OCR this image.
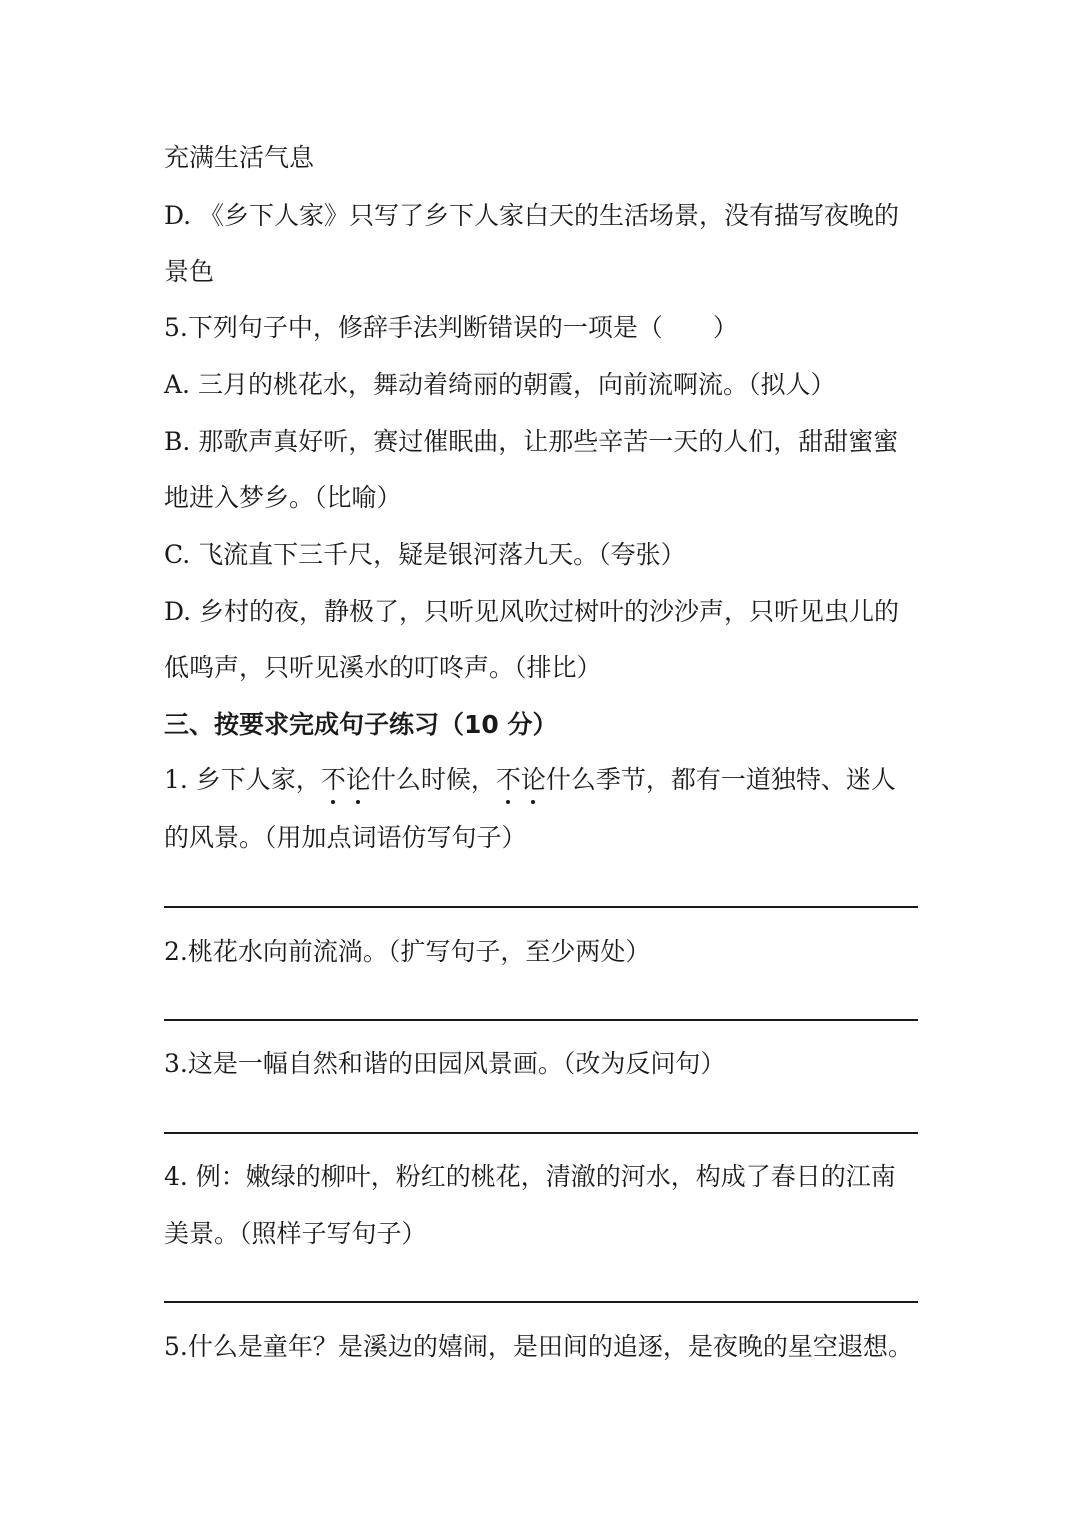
充满生活气息
D. 《乡下人家》只写了乡下人家白天的生活场景，没有描写夜晚的
景色
5.下列句子中，修辞手法判断错误的一项是（　　）
A. 三月的桃花水，舞动着绮丽的朝霞，向前流啊流。（拟人）
B. 那歌声真好听，赛过催眠曲，让那些辛苦一天的人们，甜甜蜜蜜
地进入梦乡。（比喻）
C. 飞流直下三千尺，疑是银河落九天。（夸张）
D. 乡村的夜，静极了，只听见风吹过树叶的沙沙声，只听见虫儿的
低鸣声，只听见溪水的叮咚声。（排比）
三、按要求完成句子练习（10 分）
1. 乡下人家，不论什么时候，不论什么季节，都有一道独特、迷人
的风景。（用加点词语仿写句子）
2.桃花水向前流淌。（扩写句子，至少两处）
3.这是一幅自然和谐的田园风景画。（改为反问句）
4. 例：嫩绿的柳叶，粉红的桃花，清澈的河水，构成了春日的江南
美景。（照样子写句子）
5.什么是童年？是溪边的嬉闹，是田间的追逐，是夜晚的星空遐想。
